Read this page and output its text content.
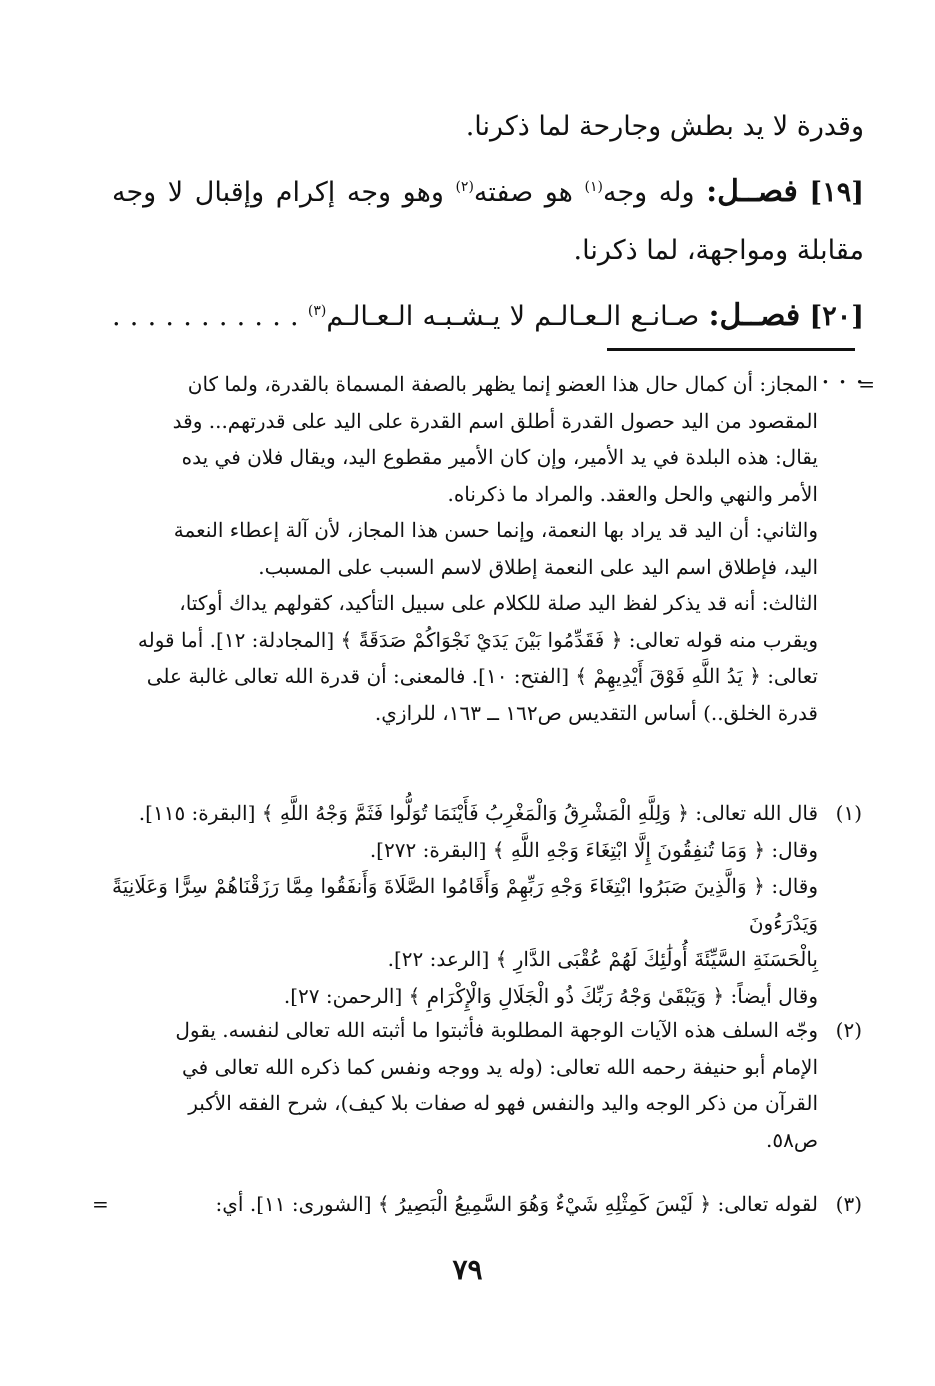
وقدرة لا يد بطش وجارحة لما ذكرنا.

[١٩] فصــل: وله وجه$^{(١)}$ هو صفته$^{(٢)}$ وهو وجه إكرام وإقبال لا وجه مقابلة ومواجهة، لما ذكرنا.

[٢٠] فصــل: صـانـع الـعـالـم لا يـشـبـه الـعـالـم$^{(٣)}$ . . . . . . . . . . . . . .

=

المجاز: أن كمال حال هذا العضو إنما يظهر بالصفة المسماة بالقدرة، ولما كان

المقصود من اليد حصول القدرة أطلق اسم القدرة على اليد على قدرتهم... وقد

يقال: هذه البلدة في يد الأمير، وإن كان الأمير مقطوع اليد، ويقال فلان في يده

الأمر والنهي والحل والعقد. والمراد ما ذكرناه.

والثاني: أن اليد قد يراد بها النعمة، وإنما حسن هذا المجاز، لأن آلة إعطاء النعمة

اليد، فإطلاق اسم اليد على النعمة إطلاق لاسم السبب على المسبب.

الثالث: أنه قد يذكر لفظ اليد صلة للكلام على سبيل التأكيد، كقولهم يداك أوكتا،

ويقرب منه قوله تعالى: ﴿ فَقَدِّمُوا بَيْنَ يَدَيْ نَجْوَاكُمْ صَدَقَةً ﴾ [المجادلة: ١٢]. أما قوله

تعالى: ﴿ يَدُ اللَّهِ فَوْقَ أَيْدِيهِمْ ﴾ [الفتح: ١٠]. فالمعنى: أن قدرة الله تعالى غالبة على

قدرة الخلق..) أساس التقديس ص١٦٢ ــ ١٦٣، للرازي.

(١)

قال الله تعالى: ﴿ وَلِلَّهِ الْمَشْرِقُ وَالْمَغْرِبُ فَأَيْنَمَا تُوَلُّوا فَثَمَّ وَجْهُ اللَّهِ ﴾ [البقرة: ١١٥].

وقال: ﴿ وَمَا تُنفِقُونَ إِلَّا ابْتِغَاءَ وَجْهِ اللَّهِ ﴾ [البقرة: ٢٧٢].

وقال: ﴿ وَالَّذِينَ صَبَرُوا ابْتِغَاءَ وَجْهِ رَبِّهِمْ وَأَقَامُوا الصَّلَاةَ وَأَنفَقُوا مِمَّا رَزَقْنَاهُمْ سِرًّا وَعَلَانِيَةً وَيَدْرَءُونَ

بِالْحَسَنَةِ السَّيِّئَةَ أُولَٰئِكَ لَهُمْ عُقْبَى الدَّارِ ﴾ [الرعد: ٢٢].

وقال أيضاً: ﴿ وَيَبْقَىٰ وَجْهُ رَبِّكَ ذُو الْجَلَالِ وَالْإِكْرَامِ ﴾ [الرحمن: ٢٧].

(٢)

وجّه السلف هذه الآيات الوجهة المطلوبة فأثبتوا ما أثبته الله تعالى لنفسه. يقول

الإمام أبو حنيفة رحمه الله تعالى: (وله يد ووجه ونفس كما ذكره الله تعالى في

القرآن من ذكر الوجه واليد والنفس فهو له صفات بلا كيف)، شرح الفقه الأكبر

ص٥٨.

(٣)

لقوله تعالى: ﴿ لَيْسَ كَمِثْلِهِ شَيْءٌ وَهُوَ السَّمِيعُ الْبَصِيرُ ﴾ [الشورى: ١١]. أي:

=
٧٩
